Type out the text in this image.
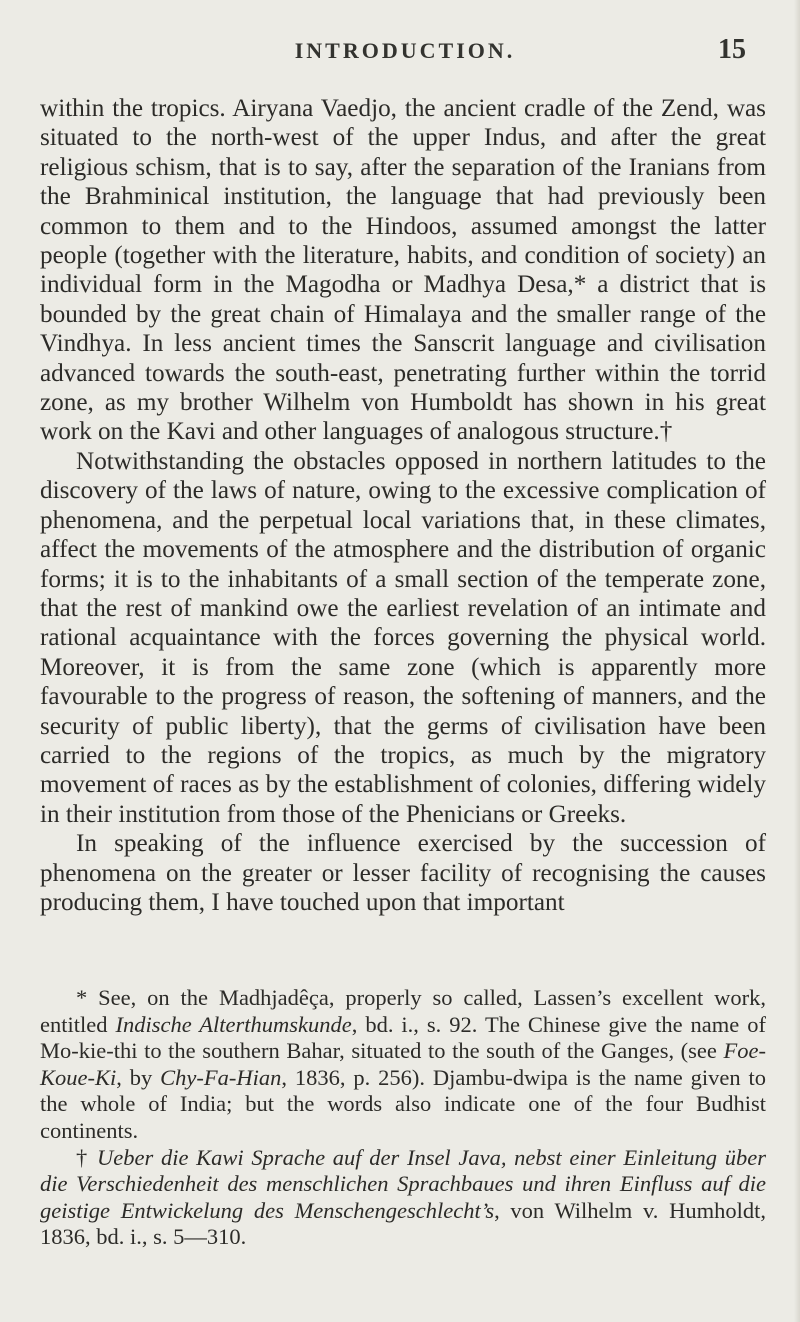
INTRODUCTION.	15

within the tropics. Airyana Vaedjo, the ancient cradle of the Zend, was situated to the north-west of the upper Indus, and after the great religious schism, that is to say, after the separation of the Iranians from the Brahminical institution, the language that had previously been common to them and to the Hindoos, assumed amongst the latter people (together with the literature, habits, and condition of society) an individual form in the Magodha or Madhya Desa,* a district that is bounded by the great chain of Himalaya and the smaller range of the Vindhya. In less ancient times the Sanscrit language and civilisation advanced towards the south-east, penetrating further within the torrid zone, as my brother Wilhelm von Humboldt has shown in his great work on the Kavi and other languages of analogous structure.†

Notwithstanding the obstacles opposed in northern latitudes to the discovery of the laws of nature, owing to the excessive complication of phenomena, and the perpetual local variations that, in these climates, affect the movements of the atmosphere and the distribution of organic forms; it is to the inhabitants of a small section of the temperate zone, that the rest of mankind owe the earliest revelation of an intimate and rational acquaintance with the forces governing the physical world. Moreover, it is from the same zone (which is apparently more favourable to the progress of reason, the softening of manners, and the security of public liberty), that the germs of civilisation have been carried to the regions of the tropics, as much by the migratory movement of races as by the establishment of colonies, differing widely in their institution from those of the Phenicians or Greeks.

In speaking of the influence exercised by the succession of phenomena on the greater or lesser facility of recognising the causes producing them, I have touched upon that important

* See, on the Madhjadêça, properly so called, Lassen’s excellent work, entitled Indische Alterthumskunde, bd. i., s. 92. The Chinese give the name of Mo-kie-thi to the southern Bahar, situated to the south of the Ganges, (see Foe-Koue-Ki, by Chy-Fa-Hian, 1836, p. 256). Djambu-dwipa is the name given to the whole of India; but the words also indicate one of the four Budhist continents.

† Ueber die Kawi Sprache auf der Insel Java, nebst einer Einleitung über die Verschiedenheit des menschlichen Sprachbaues und ihren Einfluss auf die geistige Entwickelung des Menschengeschlecht’s, von Wilhelm v. Humholdt, 1836, bd. i., s. 5—310.
